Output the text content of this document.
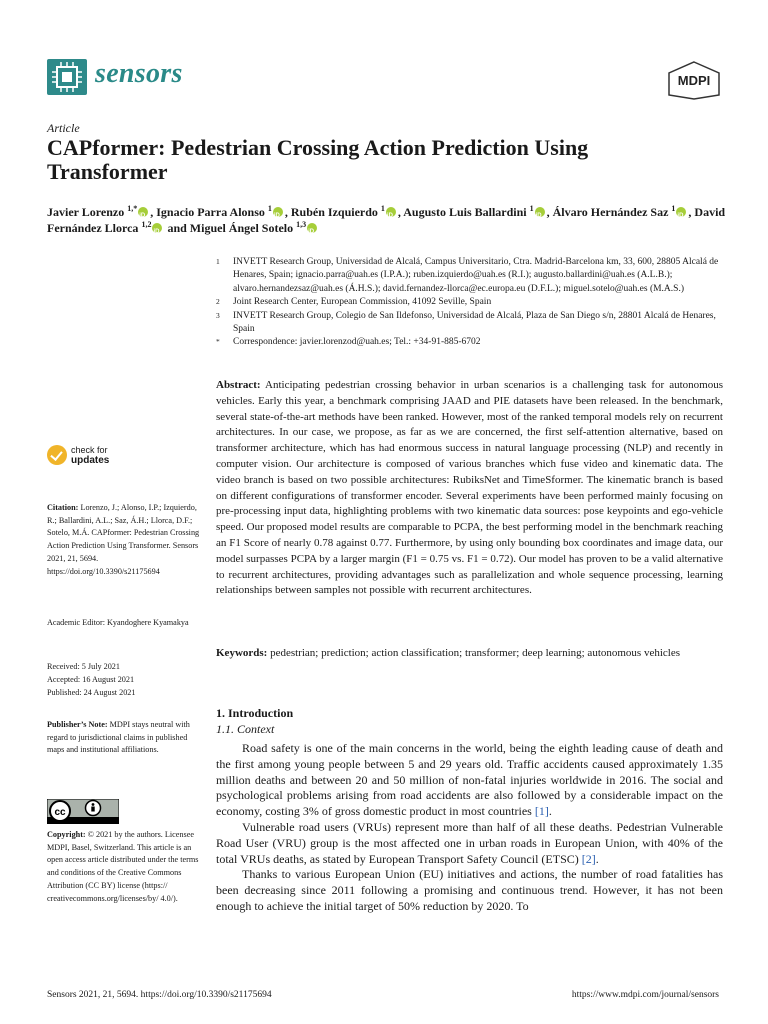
sensors	MDPI
Article
CAPformer: Pedestrian Crossing Action Prediction Using Transformer
Javier Lorenzo $^{1,*}$ iD , Ignacio Parra Alonso $^1$ iD , Rubén Izquierdo $^1$ iD , Augusto Luis Ballardini $^1$ iD , Álvaro Hernández Saz $^1$ iD , David Fernández Llorca $^{1,2}$iD and Miguel Ángel Sotelo $^{1,3}$iD
1 INVETT Research Group, Universidad de Alcalá, Campus Universitario, Ctra. Madrid-Barcelona km, 33, 600, 28805 Alcalá de Henares, Spain; ignacio.parra@uah.es (I.P.A.); ruben.izquierdo@uah.es (R.I.); augusto.ballardini@uah.es (A.L.B.); alvaro.hernandezsaz@uah.es (Á.H.S.); david.fernandez-llorca@ec.europa.eu (D.F.L.); miguel.sotelo@uah.es (M.A.S.)
2 Joint Research Center, European Commission, 41092 Seville, Spain
3 INVETT Research Group, Colegio de San Ildefonso, Universidad de Alcalá, Plaza de San Diego s/n, 28801 Alcalá de Henares, Spain
* Correspondence: javier.lorenzod@uah.es; Tel.: +34-91-885-6702
Abstract: Anticipating pedestrian crossing behavior in urban scenarios is a challenging task for autonomous vehicles. Early this year, a benchmark comprising JAAD and PIE datasets have been released. In the benchmark, several state-of-the-art methods have been ranked. However, most of the ranked temporal models rely on recurrent architectures. In our case, we propose, as far as we are concerned, the first self-attention alternative, based on transformer architecture, which has had enormous success in natural language processing (NLP) and recently in computer vision. Our architecture is composed of various branches which fuse video and kinematic data. The video branch is based on two possible architectures: RubiksNet and TimeSformer. The kinematic branch is based on different configurations of transformer encoder. Several experiments have been performed mainly focusing on pre-processing input data, highlighting problems with two kinematic data sources: pose keypoints and ego-vehicle speed. Our proposed model results are comparable to PCPA, the best performing model in the benchmark reaching an F1 Score of nearly 0.78 against 0.77. Furthermore, by using only bounding box coordinates and image data, our model surpasses PCPA by a larger margin (F1 = 0.75 vs. F1 = 0.72). Our model has proven to be a valid alternative to recurrent architectures, providing advantages such as parallelization and whole sequence processing, learning relationships between samples not possible with recurrent architectures.
Keywords: pedestrian; prediction; action classification; transformer; deep learning; autonomous vehicles
1. Introduction
1.1. Context

Road safety is one of the main concerns in the world, being the eighth leading cause of death and the first among young people between 5 and 29 years old. Traffic accidents caused approximately 1.35 million deaths and between 20 and 50 million of non-fatal injuries worldwide in 2016. The social and psychological problems arising from road accidents are also followed by a considerable impact on the economy, costing 3% of gross domestic product in most countries [1].

Vulnerable road users (VRUs) represent more than half of all these deaths. Pedestrian Vulnerable Road User (VRU) group is the most affected one in urban roads in European Union, with 40% of the total VRUs deaths, as stated by European Transport Safety Council (ETSC) [2].

Thanks to various European Union (EU) initiatives and actions, the number of road fatalities has been decreasing since 2011 following a promising and continuous trend. However, it has not been enough to achieve the initial target of 50% reduction by 2020. To

check for
updates
Citation: Lorenzo, J.; Alonso, I.P.; Izquierdo, R.; Ballardini, A.L.; Saz, Á.H.; Llorca, D.F.; Sotelo, M.Á. CAPformer: Pedestrian Crossing Action Prediction Using Transformer. Sensors 2021, 21, 5694. https://doi.org/10.3390/s21175694
Academic Editor: Kyandoghere Kyamakya
Received: 5 July 2021
Accepted: 16 August 2021
Published: 24 August 2021
Publisher’s Note: MDPI stays neutral with regard to jurisdictional claims in published maps and institutional affiliations.
cc
Copyright: © 2021 by the authors. Licensee MDPI, Basel, Switzerland. This article is an open access article distributed under the terms and conditions of the Creative Commons Attribution (CC BY) license (https:// creativecommons.org/licenses/by/ 4.0/).
Sensors 2021, 21, 5694. https://doi.org/10.3390/s21175694	https://www.mdpi.com/journal/sensors
